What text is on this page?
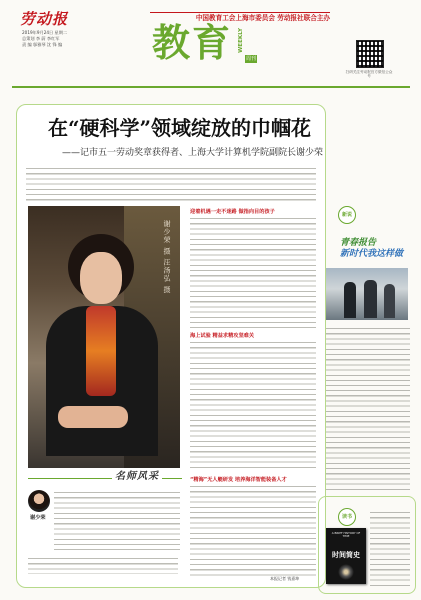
劳动报
2019年9月24日 星期二
总策划 李 蔚 李红军
责 编 邬雅琴 沈 锋 编
中国教育工会上海市委员会 劳动报社联合主办
教育 WEEKLY
周刊
扫码关注劳动报官方微信公众号
在“硬科学”领域绽放的巾帼花
——记市五一劳动奖章获得者、上海大学计算机学院副院长谢少荣
谢少荣 摄 汪汤弘 摄
名师风采
谢少荣
迎着机遇一走不迷路 做指向目的孩子
海上试验 精益求精攻坚难关
“精海”无人艇研发 培养海洋智能装备人才
本报记者 钱嘉坤
新说
青春报告
新时代我这样做
读书
A BRIEF HISTORY OF TIME
时间简史
